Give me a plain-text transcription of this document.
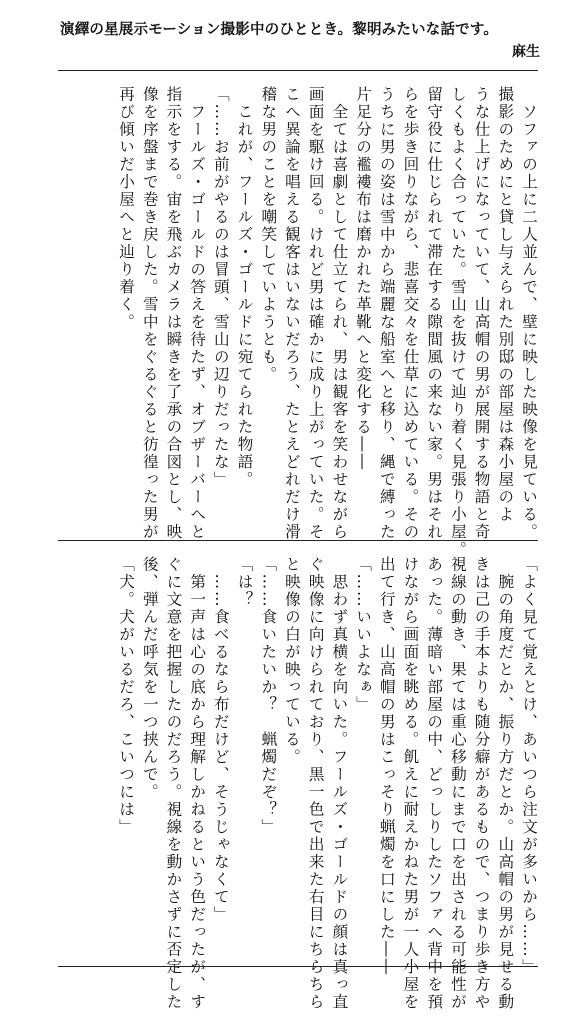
演繹の星展示モーション撮影中のひととき。黎明みたいな話です。
麻生

　ソファの上に二人並んで、壁に映した映像を見ている。

撮影のためにと貸し与えられた別邸の部屋は森小屋のよ

うな仕上げになっていて、山高帽の男が展開する物語と奇

しくもよく合っていた。雪山を抜けて辿り着く見張り小屋。

留守役に仕じられて滞在する隙間風の来ない家。男はそれ

らを歩き回りながら、悲喜交々を仕草に込めている。その

うちに男の姿は雪中から端麗な船室へと移り、縄で縛った

片足分の襤褸布は磨かれた革靴へと変化する――

　全ては喜劇として仕立てられ、男は観客を笑わせながら

画面を駆け回る。けれど男は確かに成り上がっていた。そ

こへ異論を唱える観客はいないだろう、たとえどれだけ滑

稽な男のことを嘲笑していようとも。

　これが、フールズ・ゴールドに宛てられた物語。

「……お前がやるのは冒頭、雪山の辺りだったな」

　フールズ・ゴールドの答えを待たず、オブザーバーへと

指示をする。宙を飛ぶカメラは瞬きを了承の合図とし、映

像を序盤まで巻き戻した。雪中をぐるぐると彷徨った男が

再び傾いだ小屋へと辿り着く。

「よく見て覚えとけ、あいつら注文が多いから……」

　腕の角度だとか、振り方だとか。山高帽の男が見せる動

きは己の手本よりも随分癖があるもので、つまり歩き方や

視線の動き、果ては重心移動にまで口を出される可能性が

あった。薄暗い部屋の中、どっしりしたソファへ背中を預

けながら画面を眺める。飢えに耐えかねた男が一人小屋を

出て行き、山高帽の男はこっそり蝋燭を口にした――

「……いいよなぁ」

　思わず真横を向いた。フールズ・ゴールドの顔は真っ直

ぐ映像に向けられており、黒一色で出来た右目にちらちら

と映像の白が映っている。

「……食いたいか？　蝋燭だぞ？」

「は？

　……食べるなら布だけど、そうじゃなくて」

　第一声は心の底から理解しかねるという色だったが、す

ぐに文意を把握したのだろう。視線を動かさずに否定した

後、弾んだ呼気を一つ挟んで。

「犬。犬がいるだろ、こいつには」
